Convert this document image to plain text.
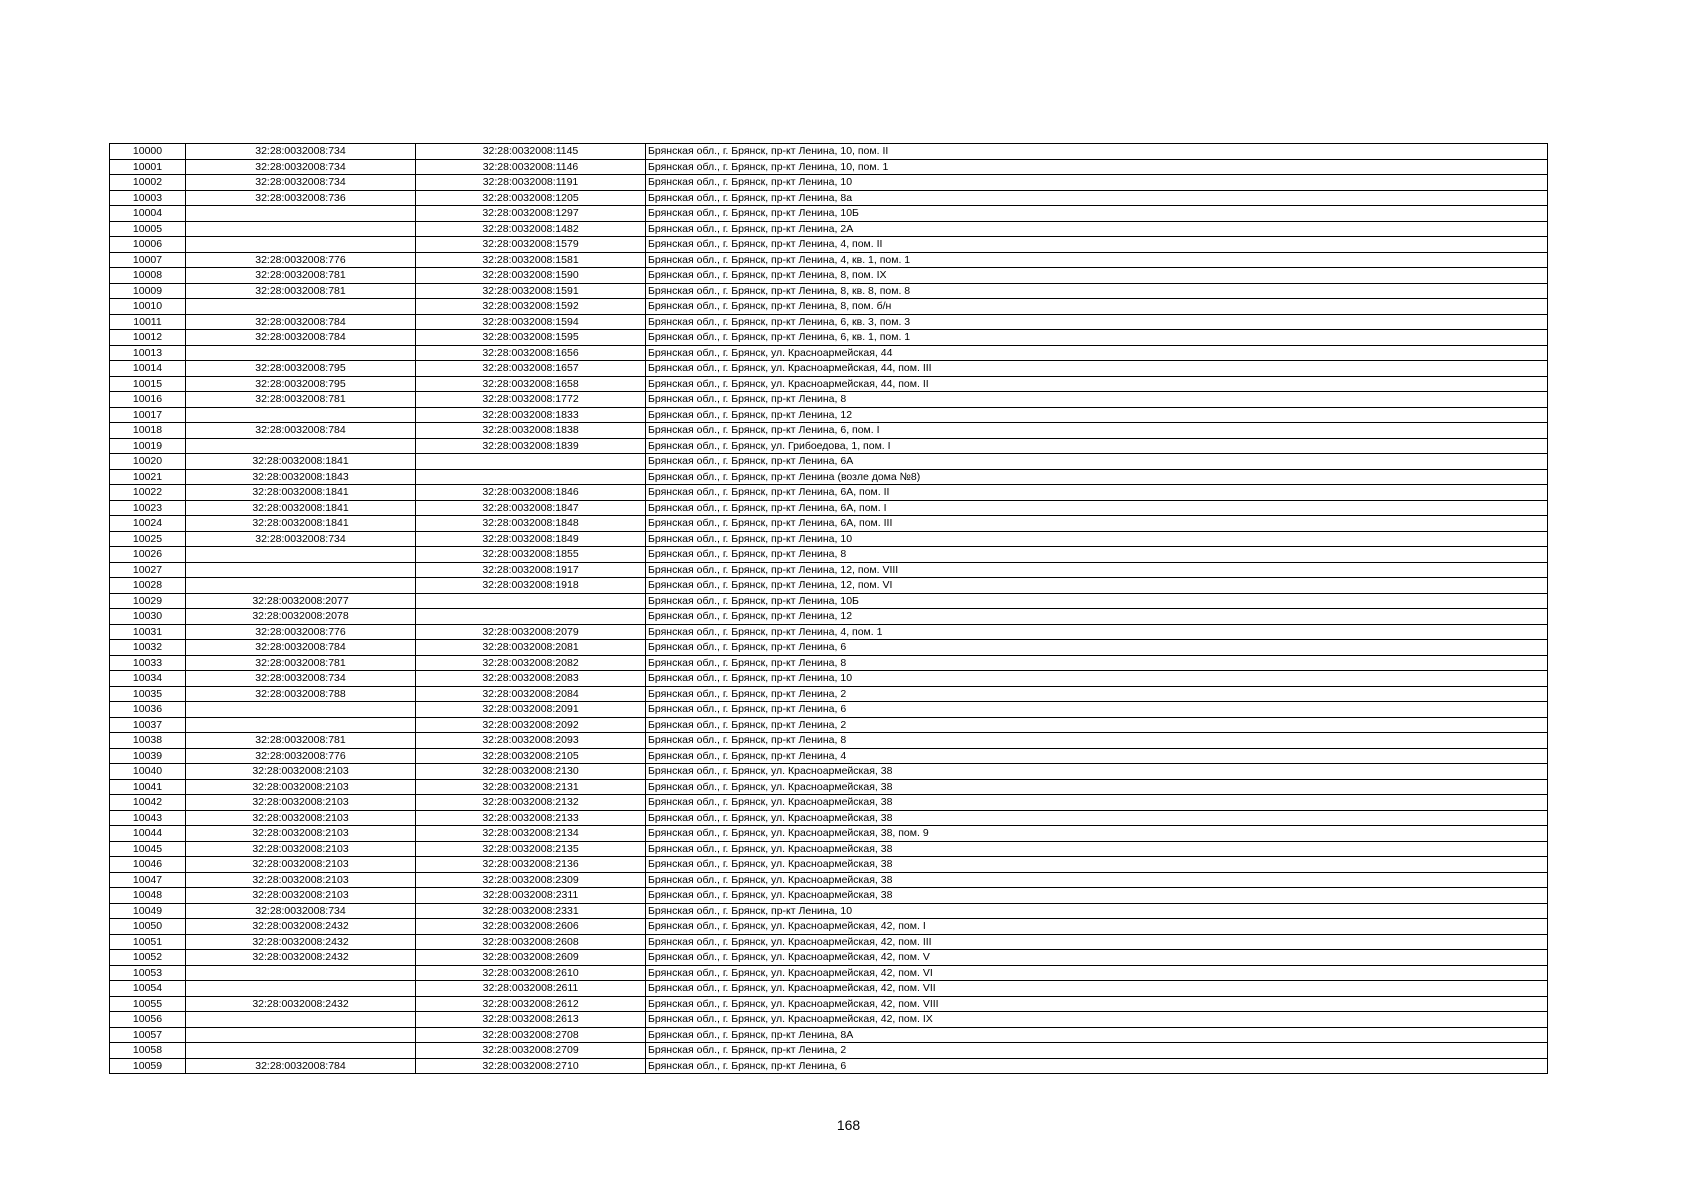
10000	32:28:0032008:734	32:28:0032008:1145	Брянская обл., г. Брянск, пр-кт Ленина, 10, пом. II
10001	32:28:0032008:734	32:28:0032008:1146	Брянская обл., г. Брянск, пр-кт Ленина, 10, пом. 1
10002	32:28:0032008:734	32:28:0032008:1191	Брянская обл., г. Брянск, пр-кт Ленина, 10
10003	32:28:0032008:736	32:28:0032008:1205	Брянская обл., г. Брянск, пр-кт Ленина, 8а
10004		32:28:0032008:1297	Брянская обл., г. Брянск, пр-кт Ленина, 10Б
10005		32:28:0032008:1482	Брянская обл., г. Брянск, пр-кт Ленина, 2А
10006		32:28:0032008:1579	Брянская обл., г. Брянск, пр-кт Ленина, 4, пом. II
10007	32:28:0032008:776	32:28:0032008:1581	Брянская обл., г. Брянск, пр-кт Ленина, 4, кв. 1, пом. 1
10008	32:28:0032008:781	32:28:0032008:1590	Брянская обл., г. Брянск, пр-кт Ленина, 8, пом. IX
10009	32:28:0032008:781	32:28:0032008:1591	Брянская обл., г. Брянск, пр-кт Ленина, 8, кв. 8, пом. 8
10010		32:28:0032008:1592	Брянская обл., г. Брянск, пр-кт Ленина, 8, пом. б/н
10011	32:28:0032008:784	32:28:0032008:1594	Брянская обл., г. Брянск, пр-кт Ленина, 6, кв. 3, пом. 3
10012	32:28:0032008:784	32:28:0032008:1595	Брянская обл., г. Брянск, пр-кт Ленина, 6, кв. 1, пом. 1
10013		32:28:0032008:1656	Брянская обл., г. Брянск, ул. Красноармейская, 44
10014	32:28:0032008:795	32:28:0032008:1657	Брянская обл., г. Брянск, ул. Красноармейская, 44, пом. III
10015	32:28:0032008:795	32:28:0032008:1658	Брянская обл., г. Брянск, ул. Красноармейская, 44, пом. II
10016	32:28:0032008:781	32:28:0032008:1772	Брянская обл., г. Брянск, пр-кт Ленина, 8
10017		32:28:0032008:1833	Брянская обл., г. Брянск, пр-кт Ленина, 12
10018	32:28:0032008:784	32:28:0032008:1838	Брянская обл., г. Брянск, пр-кт Ленина, 6, пом. I
10019		32:28:0032008:1839	Брянская обл., г. Брянск, ул. Грибоедова, 1, пом. I
10020	32:28:0032008:1841		Брянская обл., г. Брянск, пр-кт Ленина, 6А
10021	32:28:0032008:1843		Брянская обл., г. Брянск, пр-кт Ленина (возле дома №8)
10022	32:28:0032008:1841	32:28:0032008:1846	Брянская обл., г. Брянск, пр-кт Ленина, 6А, пом. II
10023	32:28:0032008:1841	32:28:0032008:1847	Брянская обл., г. Брянск, пр-кт Ленина, 6А, пом. I
10024	32:28:0032008:1841	32:28:0032008:1848	Брянская обл., г. Брянск, пр-кт Ленина, 6А, пом. III
10025	32:28:0032008:734	32:28:0032008:1849	Брянская обл., г. Брянск, пр-кт Ленина, 10
10026		32:28:0032008:1855	Брянская обл., г. Брянск, пр-кт Ленина, 8
10027		32:28:0032008:1917	Брянская обл., г. Брянск, пр-кт Ленина, 12, пом. VIII
10028		32:28:0032008:1918	Брянская обл., г. Брянск, пр-кт Ленина, 12, пом. VI
10029	32:28:0032008:2077		Брянская обл., г. Брянск, пр-кт Ленина, 10Б
10030	32:28:0032008:2078		Брянская обл., г. Брянск, пр-кт Ленина, 12
10031	32:28:0032008:776	32:28:0032008:2079	Брянская обл., г. Брянск, пр-кт Ленина, 4, пом. 1
10032	32:28:0032008:784	32:28:0032008:2081	Брянская обл., г. Брянск, пр-кт Ленина, 6
10033	32:28:0032008:781	32:28:0032008:2082	Брянская обл., г. Брянск, пр-кт Ленина, 8
10034	32:28:0032008:734	32:28:0032008:2083	Брянская обл., г. Брянск, пр-кт Ленина, 10
10035	32:28:0032008:788	32:28:0032008:2084	Брянская обл., г. Брянск, пр-кт Ленина, 2
10036		32:28:0032008:2091	Брянская обл., г. Брянск, пр-кт Ленина, 6
10037		32:28:0032008:2092	Брянская обл., г. Брянск, пр-кт Ленина, 2
10038	32:28:0032008:781	32:28:0032008:2093	Брянская обл., г. Брянск, пр-кт Ленина, 8
10039	32:28:0032008:776	32:28:0032008:2105	Брянская обл., г. Брянск, пр-кт Ленина, 4
10040	32:28:0032008:2103	32:28:0032008:2130	Брянская обл., г. Брянск, ул. Красноармейская, 38
10041	32:28:0032008:2103	32:28:0032008:2131	Брянская обл., г. Брянск, ул. Красноармейская, 38
10042	32:28:0032008:2103	32:28:0032008:2132	Брянская обл., г. Брянск, ул. Красноармейская, 38
10043	32:28:0032008:2103	32:28:0032008:2133	Брянская обл., г. Брянск, ул. Красноармейская, 38
10044	32:28:0032008:2103	32:28:0032008:2134	Брянская обл., г. Брянск, ул. Красноармейская, 38, пом. 9
10045	32:28:0032008:2103	32:28:0032008:2135	Брянская обл., г. Брянск, ул. Красноармейская, 38
10046	32:28:0032008:2103	32:28:0032008:2136	Брянская обл., г. Брянск, ул. Красноармейская, 38
10047	32:28:0032008:2103	32:28:0032008:2309	Брянская обл., г. Брянск, ул. Красноармейская, 38
10048	32:28:0032008:2103	32:28:0032008:2311	Брянская обл., г. Брянск, ул. Красноармейская, 38
10049	32:28:0032008:734	32:28:0032008:2331	Брянская обл., г. Брянск, пр-кт Ленина, 10
10050	32:28:0032008:2432	32:28:0032008:2606	Брянская обл., г. Брянск, ул. Красноармейская, 42, пом. I
10051	32:28:0032008:2432	32:28:0032008:2608	Брянская обл., г. Брянск, ул. Красноармейская, 42, пом. III
10052	32:28:0032008:2432	32:28:0032008:2609	Брянская обл., г. Брянск, ул. Красноармейская, 42, пом. V
10053		32:28:0032008:2610	Брянская обл., г. Брянск, ул. Красноармейская, 42, пом. VI
10054		32:28:0032008:2611	Брянская обл., г. Брянск, ул. Красноармейская, 42, пом. VII
10055	32:28:0032008:2432	32:28:0032008:2612	Брянская обл., г. Брянск, ул. Красноармейская, 42, пом. VIII
10056		32:28:0032008:2613	Брянская обл., г. Брянск, ул. Красноармейская, 42, пом. IX
10057		32:28:0032008:2708	Брянская обл., г. Брянск, пр-кт Ленина, 8А
10058		32:28:0032008:2709	Брянская обл., г. Брянск, пр-кт Ленина, 2
10059	32:28:0032008:784	32:28:0032008:2710	Брянская обл., г. Брянск, пр-кт Ленина, 6
168
